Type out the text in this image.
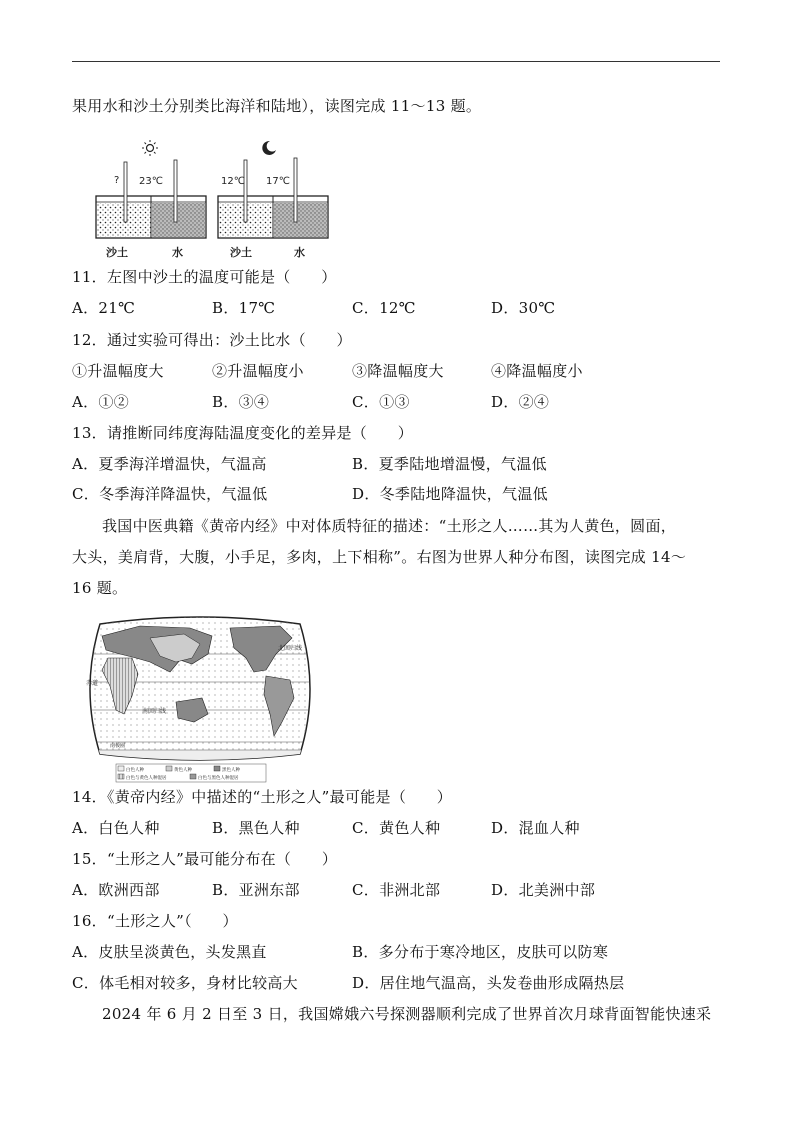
果用水和沙土分别类比海洋和陆地），读图完成 11～13 题。
? 23℃
沙土	水
12℃ 17℃
沙土	水
11．左图中沙土的温度可能是（　　）
A．21℃	B．17℃	C．12℃	D．30℃
12．通过实验可得出：沙土比水（　　）
①升温幅度大	②升温幅度小	③降温幅度大	④降温幅度小
A．①②	B．③④	C．①③	D．②④
13．请推断同纬度海陆温度变化的差异是（　　）
A．夏季海洋增温快，气温高	B．夏季陆地增温慢，气温低
C．冬季海洋降温快，气温低	D．冬季陆地降温快，气温低
我国中医典籍《黄帝内经》中对体质特征的描述：“土形之人……其为人黄色，圆面，
大头，美肩背，大腹，小手足，多肉，上下相称”。右图为世界人种分布图，读图完成 14～
16 题。
北回归线
赤道
南回归线
南极圈
白色人种	黄色人种	黑色人种
白色与黄色人种混居	白色与黑色人种混居
14．《黄帝内经》中描述的“土形之人”最可能是（　　）
A．白色人种	B．黑色人种	C．黄色人种	D．混血人种
15．“土形之人”最可能分布在（　　）
A．欧洲西部	B．亚洲东部	C．非洲北部	D．北美洲中部
16．“土形之人”（　　）
A．皮肤呈淡黄色，头发黑直	B．多分布于寒冷地区，皮肤可以防寒
C．体毛相对较多，身材比较高大	D．居住地气温高，头发卷曲形成隔热层
2024 年 6 月 2 日至 3 日，我国嫦娥六号探测器顺利完成了世界首次月球背面智能快速采
